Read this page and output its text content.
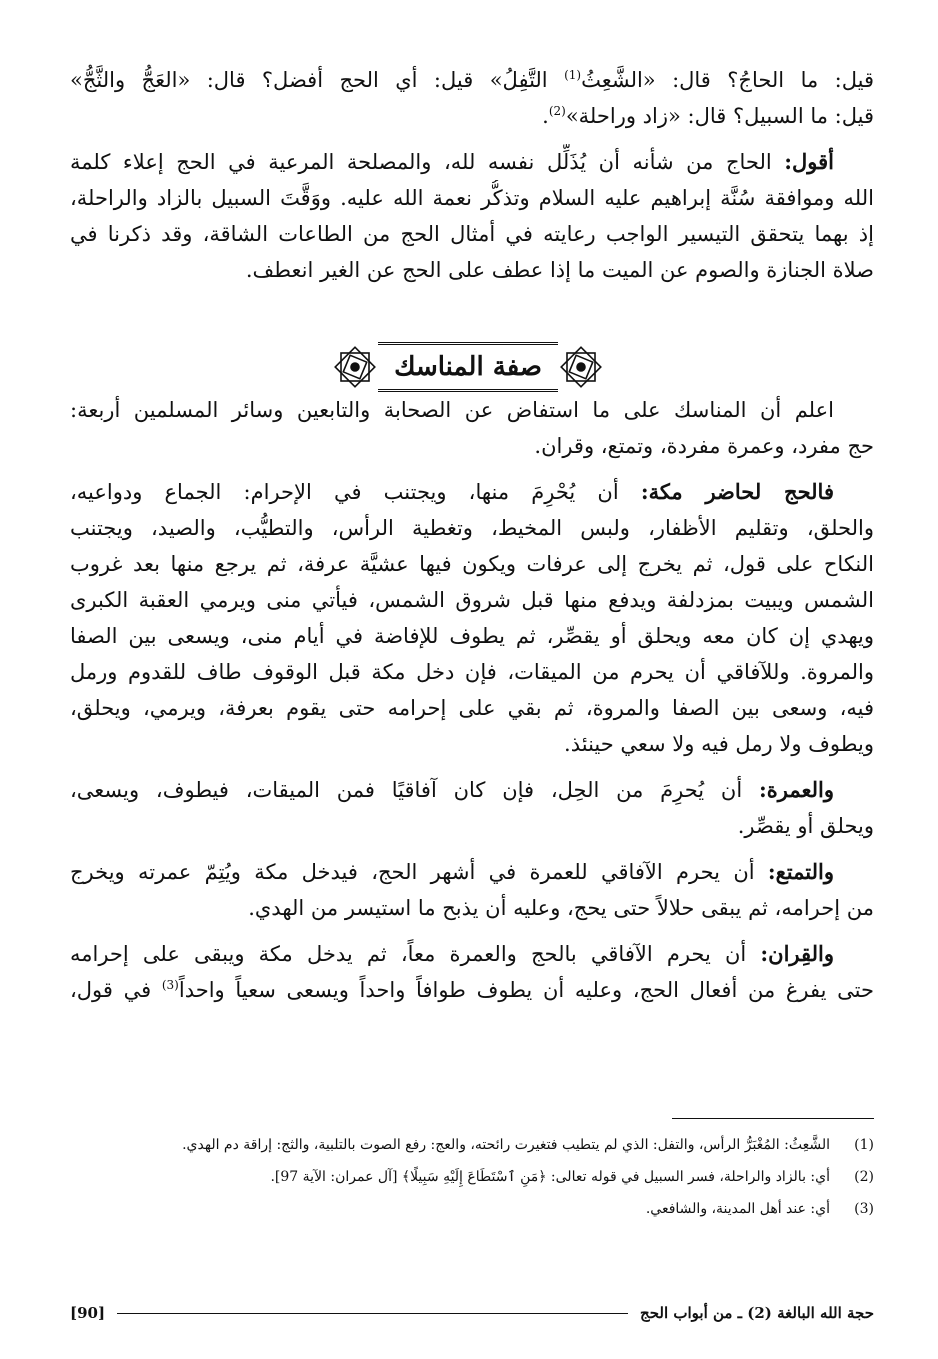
قيل: ما الحاجُ؟ قال: «الشَّعِثُ$^{(1)}$ التَّفِلُ» قيل: أي الحج أفضل؟ قال: «العَجُّ والثَّجُّ»
قيل: ما السبيل؟ قال: «زاد وراحلة»$^{(2)}$.
أقول: الحاج من شأنه أن يُذَلِّل نفسه لله، والمصلحة المرعية في الحج إعلاء كلمة
الله وموافقة سُنَّة إبراهيم عليه السلام وتذكُّر نعمة الله عليه. ووَقَّتَ السبيل بالزاد والراحلة،
إذ بهما يتحقق التيسير الواجب رعايته في أمثال الحج من الطاعات الشاقة، وقد ذكرنا في
صلاة الجنازة والصوم عن الميت ما إذا عطف على الحج عن الغير انعطف.
اعلم أن المناسك على ما استفاض عن الصحابة والتابعين وسائر المسلمين أربعة:
حج مفرد، وعمرة مفردة، وتمتع، وقران.
فالحج لحاضر مكة: أن يُحْرِمَ منها، ويجتنب في الإحرام: الجماع ودواعيه،
والحلق، وتقليم الأظفار، ولبس المخيط، وتغطية الرأس، والتطيُّب، والصيد، ويجتنب
النكاح على قول، ثم يخرج إلى عرفات ويكون فيها عشيَّة عرفة، ثم يرجع منها بعد غروب
الشمس ويبيت بمزدلفة ويدفع منها قبل شروق الشمس، فيأتي منى ويرمي العقبة الكبرى
ويهدي إن كان معه ويحلق أو يقصِّر، ثم يطوف للإفاضة في أيام منى، ويسعى بين الصفا
والمروة. وللآفاقي أن يحرم من الميقات، فإن دخل مكة قبل الوقوف طاف للقدوم ورمل
فيه، وسعى بين الصفا والمروة، ثم بقي على إحرامه حتى يقوم بعرفة، ويرمي، ويحلق،
ويطوف ولا رمل فيه ولا سعي حينئذ.
والعمرة: أن يُحرِمَ من الحِل، فإن كان آفاقيًا فمن الميقات، فيطوف، ويسعى،
ويحلق أو يقصِّر.
والتمتع: أن يحرم الآفاقي للعمرة في أشهر الحج، فيدخل مكة ويُتِمّ عمرته ويخرج
من إحرامه، ثم يبقى حلالاً حتى يحج، وعليه أن يذبح ما استيسر من الهدي.
والقِران: أن يحرم الآفاقي بالحج والعمرة معاً، ثم يدخل مكة ويبقى على إحرامه
حتى يفرغ من أفعال الحج، وعليه أن يطوف طوافاً واحداً ويسعى سعياً واحداً$^{(3)}$ في قول،
صفة المناسك
(1)
الشَّعِثُ: المُغْبَرُّ الرأس، والتفل: الذي لم يتطيب فتغيرت رائحته، والعج: رفع الصوت بالتلبية، والثج: إراقة دم الهدي.
(2)
أي: بالزاد والراحلة، فسر السبيل في قوله تعالى: ﴿مَنِ ٱسْتَطَاعَ إِلَيْهِ سَبِيلًا﴾ [آل عمران: الآية 97].
(3)
أي: عند أهل المدينة، والشافعي.
حجة الله البالغة (2) ـ من أبواب الحج
[90]
